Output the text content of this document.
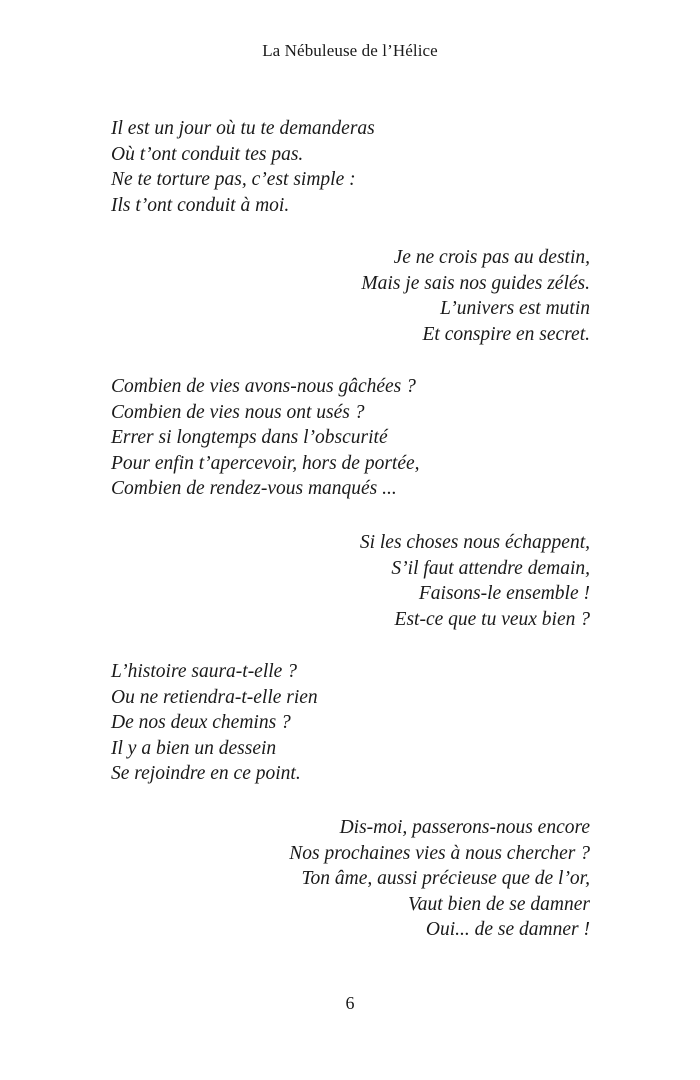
La Nébuleuse de l’Hélice
Il est un jour où tu te demanderas
Où t’ont conduit tes pas.
Ne te torture pas, c’est simple :
Ils t’ont conduit à moi.
Je ne crois pas au destin,
Mais je sais nos guides zélés.
L’univers est mutin
Et conspire en secret.
Combien de vies avons-nous gâchées ?
Combien de vies nous ont usés ?
Errer si longtemps dans l’obscurité
Pour enfin t’apercevoir, hors de portée,
Combien de rendez-vous manqués ...
Si les choses nous échappent,
S’il faut attendre demain,
Faisons-le ensemble !
Est-ce que tu veux bien ?
L’histoire saura-t-elle ?
Ou ne retiendra-t-elle rien
De nos deux chemins ?
Il y a bien un dessein
Se rejoindre en ce point.
Dis-moi, passerons-nous encore
Nos prochaines vies à nous chercher ?
Ton âme, aussi précieuse que de l’or,
Vaut bien de se damner
Oui... de se damner !
6
